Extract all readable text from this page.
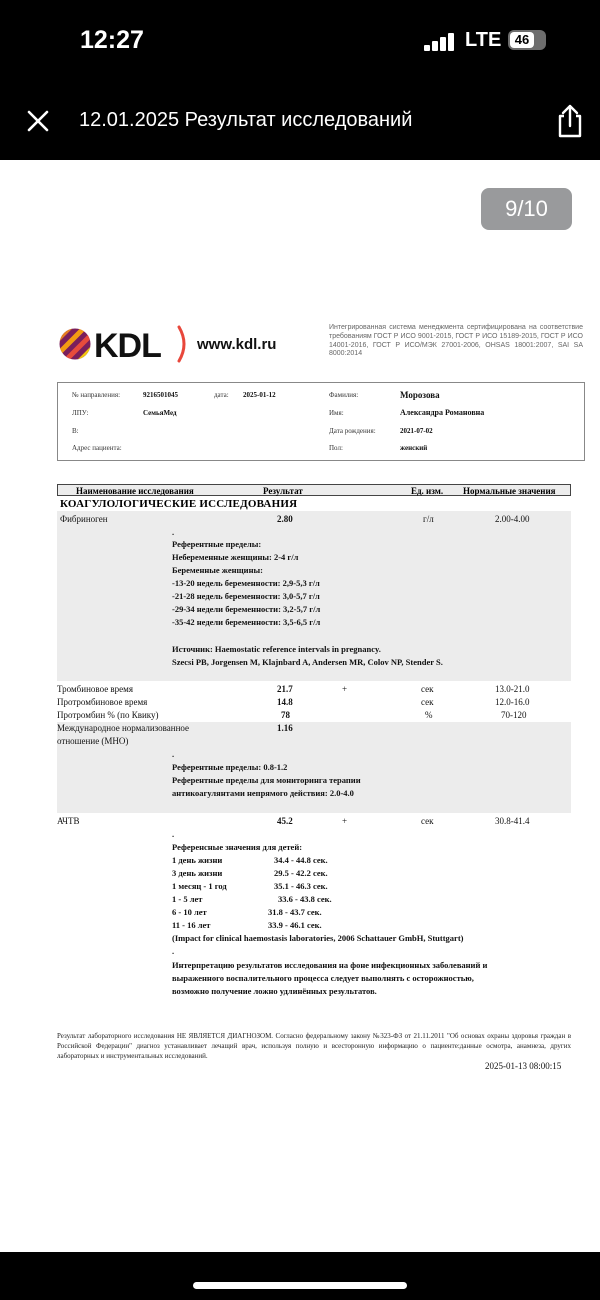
12:27	LTE	46
12.01.2025 Результат исследований
9/10
KDL www.kdl.ru
Интегрированная система менеджмента сертифицирована на соответствие требованиям ГОСТ Р ИСО 9001-2015, ГОСТ Р ИСО 15189-2015, ГОСТ Р ИСО 14001-2016, ГОСТ Р ИСО/МЭК 27001-2006, OHSAS 18001:2007, SAI SA 8000:2014
№ направления:	9216501045	дата: 2025-01-12	Фамилия:	Морозова
ЛПУ:	СемьяМед	Имя:	Александра Романовна
В:	Дата рождения:	2021-07-02
Адрес пациента:	Пол:	женский
Наименование исследования	Результат	Ед. изм. Нормальные значения
КОАГУЛОЛОГИЧЕСКИЕ ИССЛЕДОВАНИЯ
Фибриноген	2.80	г/л	2.00-4.00
.
Референтные пределы:
Небеременные женщины: 2-4 г/л
Беременные женщины:
-13-20 недель беременности: 2,9-5,3 г/л
-21-28 недель беременности: 3,0-5,7 г/л
-29-34 недели беременности: 3,2-5,7 г/л
-35-42 недели беременности: 3,5-6,5 г/л
Источник: Haemostatic reference intervals in pregnancy.
Szecsi PB, Jorgensen M, Klajnbard A, Andersen MR, Colov NP, Stender S.
Тромбиновое время	21.7	+	сек	13.0-21.0
Протромбиновое время	14.8	сек	12.0-16.0
Протромбин % (по Квику)	78	%	70-120
Международное нормализованное
отношение (МНО)
1.16
.
Референтные пределы: 0.8-1.2
Референтные пределы для мониторинга терапии
антикоагулянтами непрямого действия: 2.0-4.0
АЧТВ	45.2	+	сек	30.8-41.4
.
Референсные значения для детей:
1 день жизни	34.4 - 44.8 сек.
3 день жизни	29.5 - 42.2 сек.
1 месяц - 1 год	35.1 - 46.3 сек.
1 - 5 лет	33.6 - 43.8 сек.
6 - 10 лет	31.8 - 43.7 сек.
11 - 16 лет	33.9 - 46.1 сек.
(Impact for clinical haemostasis laboratories, 2006 Schattauer GmbH, Stuttgart)
.
Интерпретацию результатов исследования на фоне инфекционных заболеваний и
выраженного воспалительного процесса следует выполнять с осторожностью,
возможно получение ложно удлинённых результатов.
Результат лабораторного исследования НЕ ЯВЛЯЕТСЯ ДИАГНОЗОМ. Согласно федеральному закону №323-ФЗ от 21.11.2011 "Об основах охраны здоровья граждан в Российской Федерации" диагноз устанавливает лечащий врач, используя полную и всесторонную информацию о пациенте:данные осмотра, анамнеза, других лабораторных и инструментальных исследований.
2025-01-13 08:00:15
